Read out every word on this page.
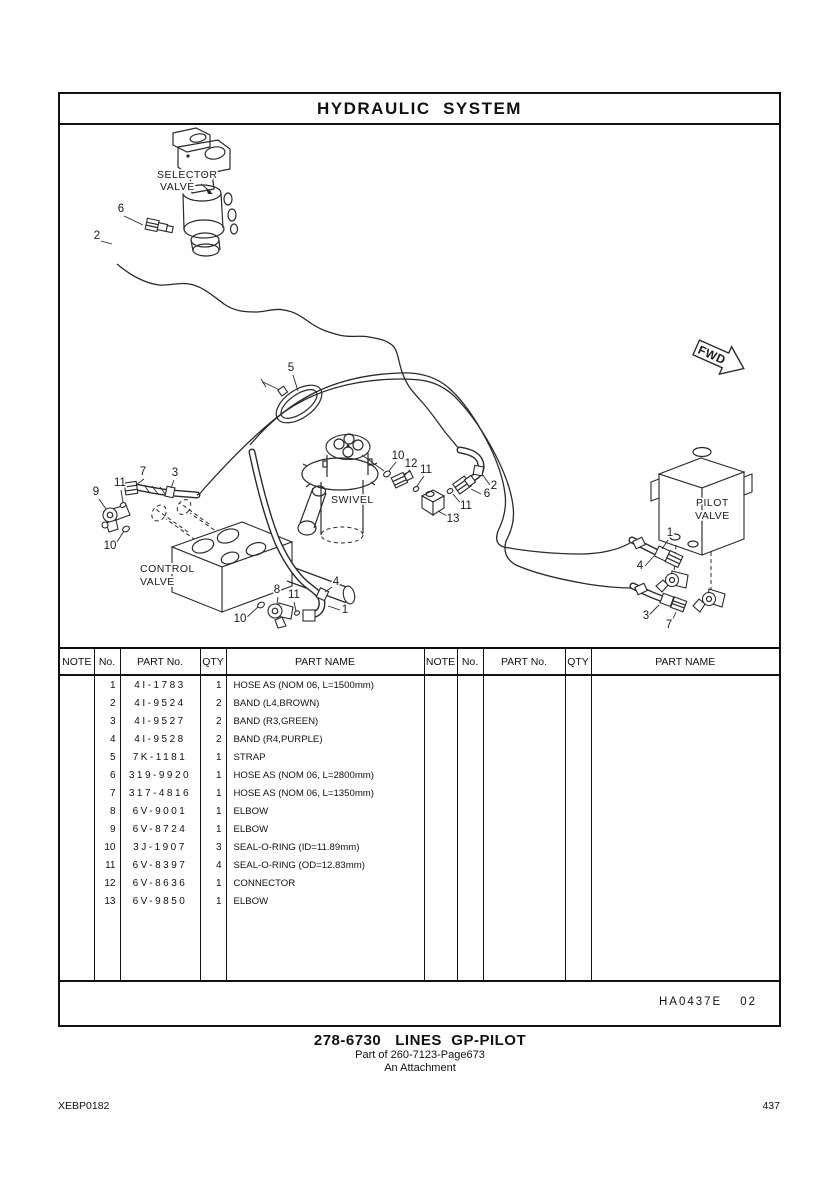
HYDRAULIC  SYSTEM
FWD
6
2
5
10
12 11
13
11
6
2
9
11
7 3
10
10
8 11
4
1
1
4
3
7
SELECTOR
VALVE
SWIVEL
CONTROL
VALVE
PILOT
VALVE
NOTE	No.	PART No.	QTY	PART NAME	NOTE	No.	PART No.	QTY	PART NAME
	1	4I-1783	1	HOSE AS (NOM 06, L=1500mm)					
	2	4I-9524	2	BAND (L4,BROWN)					
	3	4I-9527	2	BAND (R3,GREEN)					
	4	4I-9528	2	BAND (R4,PURPLE)					
	5	7K-1181	1	STRAP					
	6	319-9920	1	HOSE AS (NOM 06, L=2800mm)					
	7	317-4816	1	HOSE AS (NOM 06, L=1350mm)					
	8	6V-9001	1	ELBOW					
	9	6V-8724	1	ELBOW					
	10	3J-1907	3	SEAL-O-RING (ID=11.89mm)					
	11	6V-8397	4	SEAL-O-RING (OD=12.83mm)					
	12	6V-8636	1	CONNECTOR					
	13	6V-9850	1	ELBOW					

HA0437E 02
278-6730   LINES  GP-PILOT
Part of 260-7123-Page673
An Attachment
XEBP0182	437
